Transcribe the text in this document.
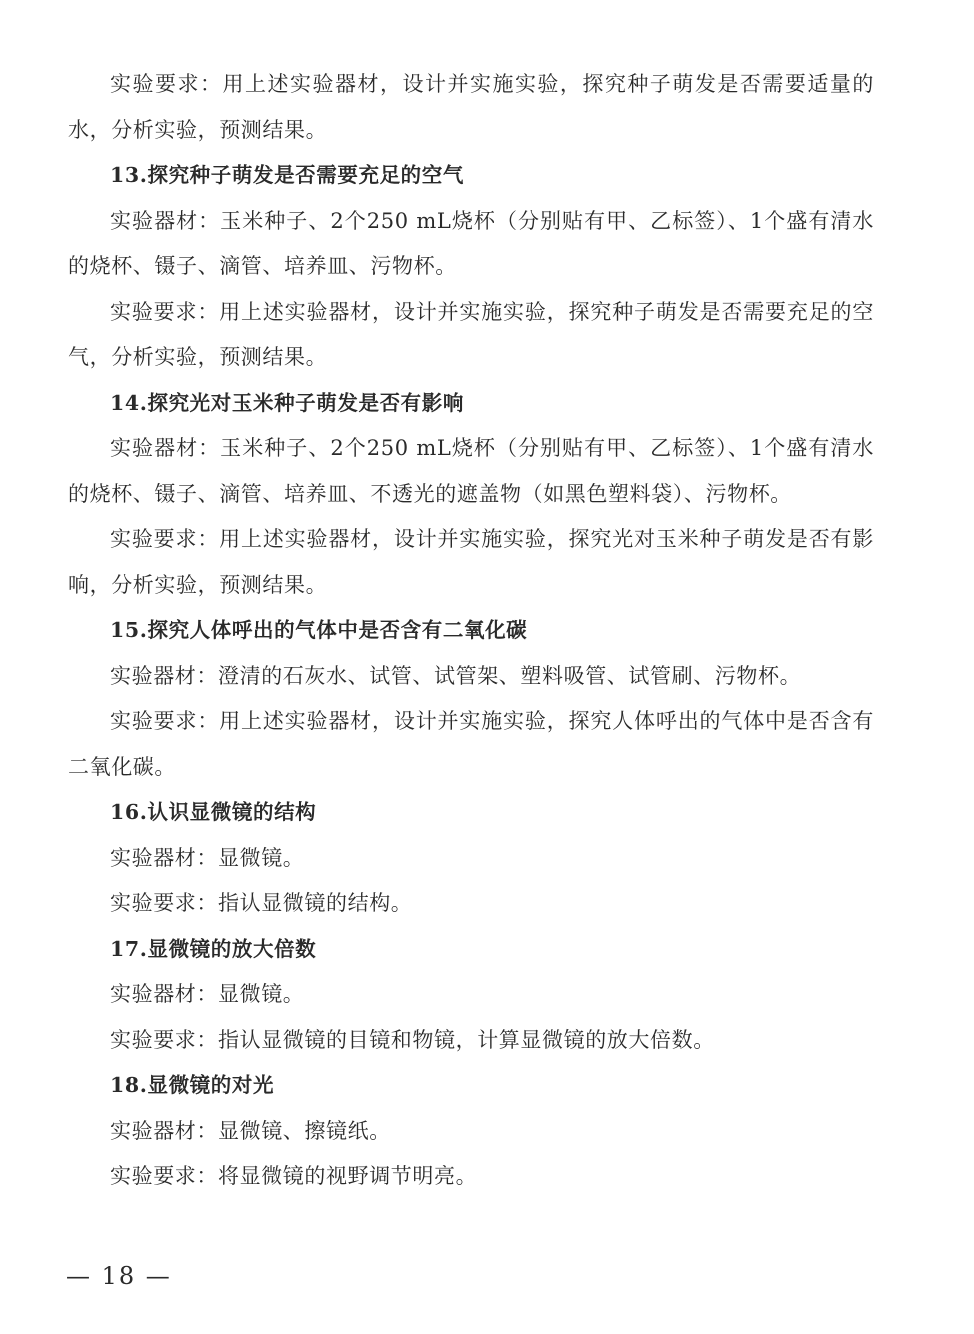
实验要求：用上述实验器材，设计并实施实验，探究种子萌发是否需要适量的水，分析实验，预测结果。

13.探究种子萌发是否需要充足的空气

实验器材：玉米种子、2个250 mL烧杯（分别贴有甲、乙标签）、1个盛有清水的烧杯、镊子、滴管、培养皿、污物杯。

实验要求：用上述实验器材，设计并实施实验，探究种子萌发是否需要充足的空气，分析实验，预测结果。

14.探究光对玉米种子萌发是否有影响

实验器材：玉米种子、2个250 mL烧杯（分别贴有甲、乙标签）、1个盛有清水的烧杯、镊子、滴管、培养皿、不透光的遮盖物（如黑色塑料袋）、污物杯。

实验要求：用上述实验器材，设计并实施实验，探究光对玉米种子萌发是否有影响，分析实验，预测结果。

15.探究人体呼出的气体中是否含有二氧化碳

实验器材：澄清的石灰水、试管、试管架、塑料吸管、试管刷、污物杯。

实验要求：用上述实验器材，设计并实施实验，探究人体呼出的气体中是否含有二氧化碳。

16.认识显微镜的结构

实验器材：显微镜。

实验要求：指认显微镜的结构。

17.显微镜的放大倍数

实验器材：显微镜。

实验要求：指认显微镜的目镜和物镜，计算显微镜的放大倍数。

18.显微镜的对光

实验器材：显微镜、擦镜纸。

实验要求：将显微镜的视野调节明亮。

— 18 —
